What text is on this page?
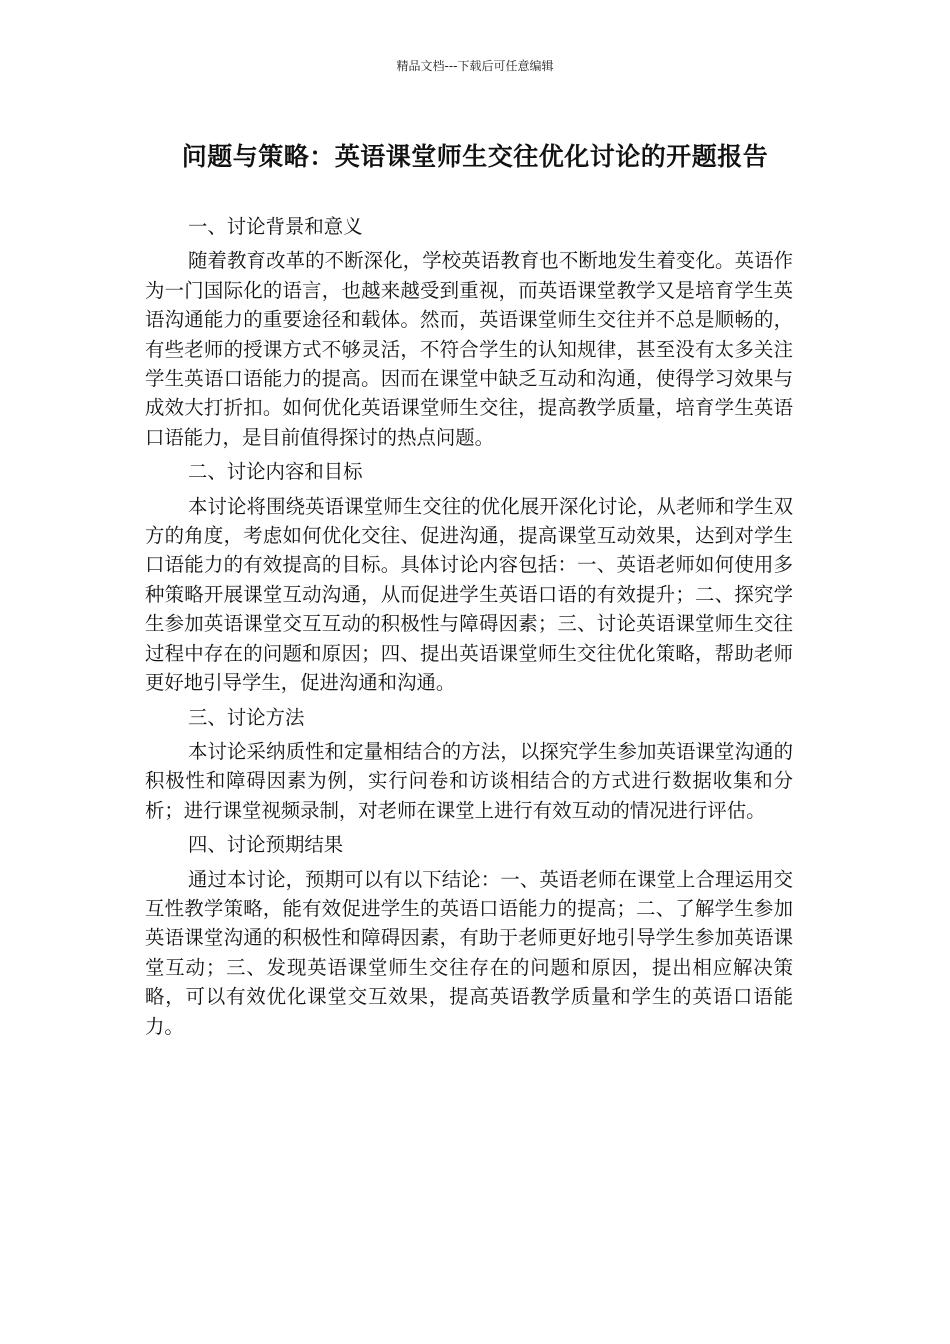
精品文档---下载后可任意编辑
问题与策略：英语课堂师生交往优化讨论的开题报告

一、讨论背景和意义

随着教育改革的不断深化，学校英语教育也不断地发生着变化。英语作为一门国际化的语言，也越来越受到重视，而英语课堂教学又是培育学生英语沟通能力的重要途径和载体。然而，英语课堂师生交往并不总是顺畅的，有些老师的授课方式不够灵活，不符合学生的认知规律，甚至没有太多关注学生英语口语能力的提高。因而在课堂中缺乏互动和沟通，使得学习效果与成效大打折扣。如何优化英语课堂师生交往，提高教学质量，培育学生英语口语能力，是目前值得探讨的热点问题。

二、讨论内容和目标

本讨论将围绕英语课堂师生交往的优化展开深化讨论，从老师和学生双方的角度，考虑如何优化交往、促进沟通，提高课堂互动效果，达到对学生口语能力的有效提高的目标。具体讨论内容包括：一、英语老师如何使用多种策略开展课堂互动沟通，从而促进学生英语口语的有效提升；二、探究学生参加英语课堂交互互动的积极性与障碍因素；三、讨论英语课堂师生交往过程中存在的问题和原因；四、提出英语课堂师生交往优化策略，帮助老师更好地引导学生，促进沟通和沟通。

三、讨论方法

本讨论采纳质性和定量相结合的方法，以探究学生参加英语课堂沟通的积极性和障碍因素为例，实行问卷和访谈相结合的方式进行数据收集和分析；进行课堂视频录制，对老师在课堂上进行有效互动的情况进行评估。

四、讨论预期结果

通过本讨论，预期可以有以下结论：一、英语老师在课堂上合理运用交互性教学策略，能有效促进学生的英语口语能力的提高；二、了解学生参加英语课堂沟通的积极性和障碍因素，有助于老师更好地引导学生参加英语课堂互动；三、发现英语课堂师生交往存在的问题和原因，提出相应解决策略，可以有效优化课堂交互效果，提高英语教学质量和学生的英语口语能力。
